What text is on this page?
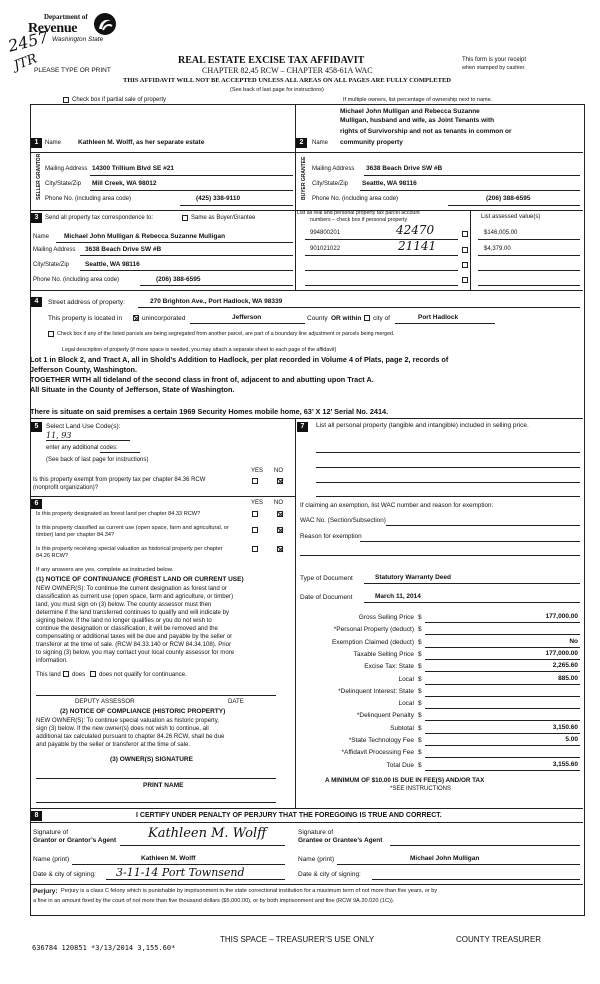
Department of
Revenue
Washington State
2457
JTR
PLEASE TYPE OR PRINT
REAL ESTATE EXCISE TAX AFFIDAVIT
CHAPTER 82.45 RCW – CHAPTER 458-61A WAC
THIS AFFIDAVIT WILL NOT BE ACCEPTED UNLESS ALL AREAS ON ALL PAGES ARE FULLY COMPLETED
(See back of last page for instructions)
This form is your receipt
when stamped by cashier.
Check box if partial sale of property	If multiple owners, list percentage of ownership next to name.
1
SELLER GRANTOR
Name	Kathleen M. Wolff, as her separate estate
Mailing Address 14300 Trillium Blvd SE #21
City/State/Zip Mill Creek, WA 98012
Phone No. (including area code)	(425) 338-9110
2
BUYER GRANTEE
Michael John Mulligan and Rebecca Suzanne
Mulligan, husband and wife, as Joint Tenants with
rights of Survivorship and not as tenants in common or
Name community property
Mailing Address 3638 Beach Drive SW #B
City/State/Zip Seattle, WA 98116
Phone No. (including area code)	(206) 388-6595
3	Send all property tax correspondence to:	Same as Buyer/Grantee
Name Michael John Mulligan & Rebecca Suzanne Mulligan
Mailing Address 3638 Beach Drive SW #B
City/State/Zip Seattle, WA 98116
Phone No. (including area code)	(206) 388-6595
List all real and personal property tax parcel account
numbers – check box if personal property	List assessed value(s)
994800201	42470	$146,005.00
901021022	21141	$4,379.00
4	Street address of property:	270 Brighton Ave., Port Hadlock, WA 98339
This property is located in	unincorporated	Jefferson	County OR within city of	Port Hadlock
Check box if any of the listed parcels are being segregated from another parcel, are part of a boundary line adjustment or parcels being merged.
Legal description of property (if more space is needed, you may attach a separate sheet to each page of the affidavit)
Lot 1 in Block 2, and Tract A, all in Shold’s Addition to Hadlock, per plat recorded in Volume 4 of Plats, page 2, records of
Jefferson County, Washington.
TOGETHER WITH all tideland of the second class in front of, adjacent to and abutting upon Tract A.
All Situate in the County of Jefferson, State of Washington.
There is situate on said premises a certain 1969 Security Homes mobile home, 63’ X 12’ Serial No. 2414.
5	Select Land Use Code(s):
11, 93
enter any additional codes:
(See back of last page for instructions)
YES NO
Is this property exempt from property tax per chapter 84.36 RCW (nonprofit organization)?
6	YES NO
Is this property designated as forest land per chapter 84.33 RCW?
Is this property classified as current use (open space, farm and agricultural, or timber) land per chapter 84.34?
Is this property receiving special valuation as historical property per chapter 84.26 RCW?
If any answers are yes, complete as instructed below.
(1) NOTICE OF CONTINUANCE (FOREST LAND OR CURRENT USE)
NEW OWNER(S): To continue the current designation as forest land or
classification as current use (open space, farm and agriculture, or timber)
land, you must sign on (3) below. The county assessor must then
determine if the land transferred continues to qualify and will indicate by
signing below. If the land no longer qualifies or you do not wish to
continue the designation or classification, it will be removed and the
compensating or additional taxes will be due and payable by the seller or
transferor at the time of sale. (RCW 84.33.140 or RCW 84.34.108). Prior
to signing (3) below, you may contact your local county assessor for more
information.
This land does does not qualify for continuance.
DEPUTY ASSESSOR	DATE
(2) NOTICE OF COMPLIANCE (HISTORIC PROPERTY)
NEW OWNER(S): To continue special valuation as historic property,
sign (3) below. If the new owner(s) does not wish to continue, all
additional tax calculated pursuant to chapter 84.26 RCW, shall be due
and payable by the seller or transferor at the time of sale.
(3) OWNER(S) SIGNATURE
PRINT NAME
7	List all personal property (tangible and intangible) included in selling price.
If claiming an exemption, list WAC number and reason for exemption:
WAC No. (Section/Subsection)
Reason for exemption
Type of Document	Statutory Warranty Deed
Date of Document	March 11, 2014
Gross Selling Price $	177,000.00
*Personal Property (deduct) $
Exemption Claimed (deduct) $	No
Taxable Selling Price $	177,000.00
Excise Tax: State $	2,265.60
Local $	885.00
*Delinquent Interest: State $
Local $
*Delinquent Penalty $
Subtotal $	3,150.60
*State Technology Fee $	5.00
*Affidavit Processing Fee $
Total Due $	3,155.60
A MINIMUM OF $10.00 IS DUE IN FEE(S) AND/OR TAX
*SEE INSTRUCTIONS
8	I CERTIFY UNDER PENALTY OF PERJURY THAT THE FOREGOING IS TRUE AND CORRECT.
Signature of
Grantor or Grantor’s Agent Kathleen M. Wolff
Name (print)	Kathleen M. Wolff
Date & city of signing: 3-11-14 Port Townsend
Signature of
Grantee or Grantee’s Agent
Name (print)	Michael John Mulligan
Date & city of signing:
Perjury: Perjury is a class C felony which is punishable by imprisonment in the state correctional institution for a maximum term of not more than five years, or by
a fine in an amount fixed by the court of not more than five thousand dollars ($5,000.00), or by both imprisonment and fine (RCW 9A.20.020 (1C)).
636784 120851 *3/13/2014 3,155.60*
THIS SPACE – TREASURER’S USE ONLY	COUNTY TREASURER
